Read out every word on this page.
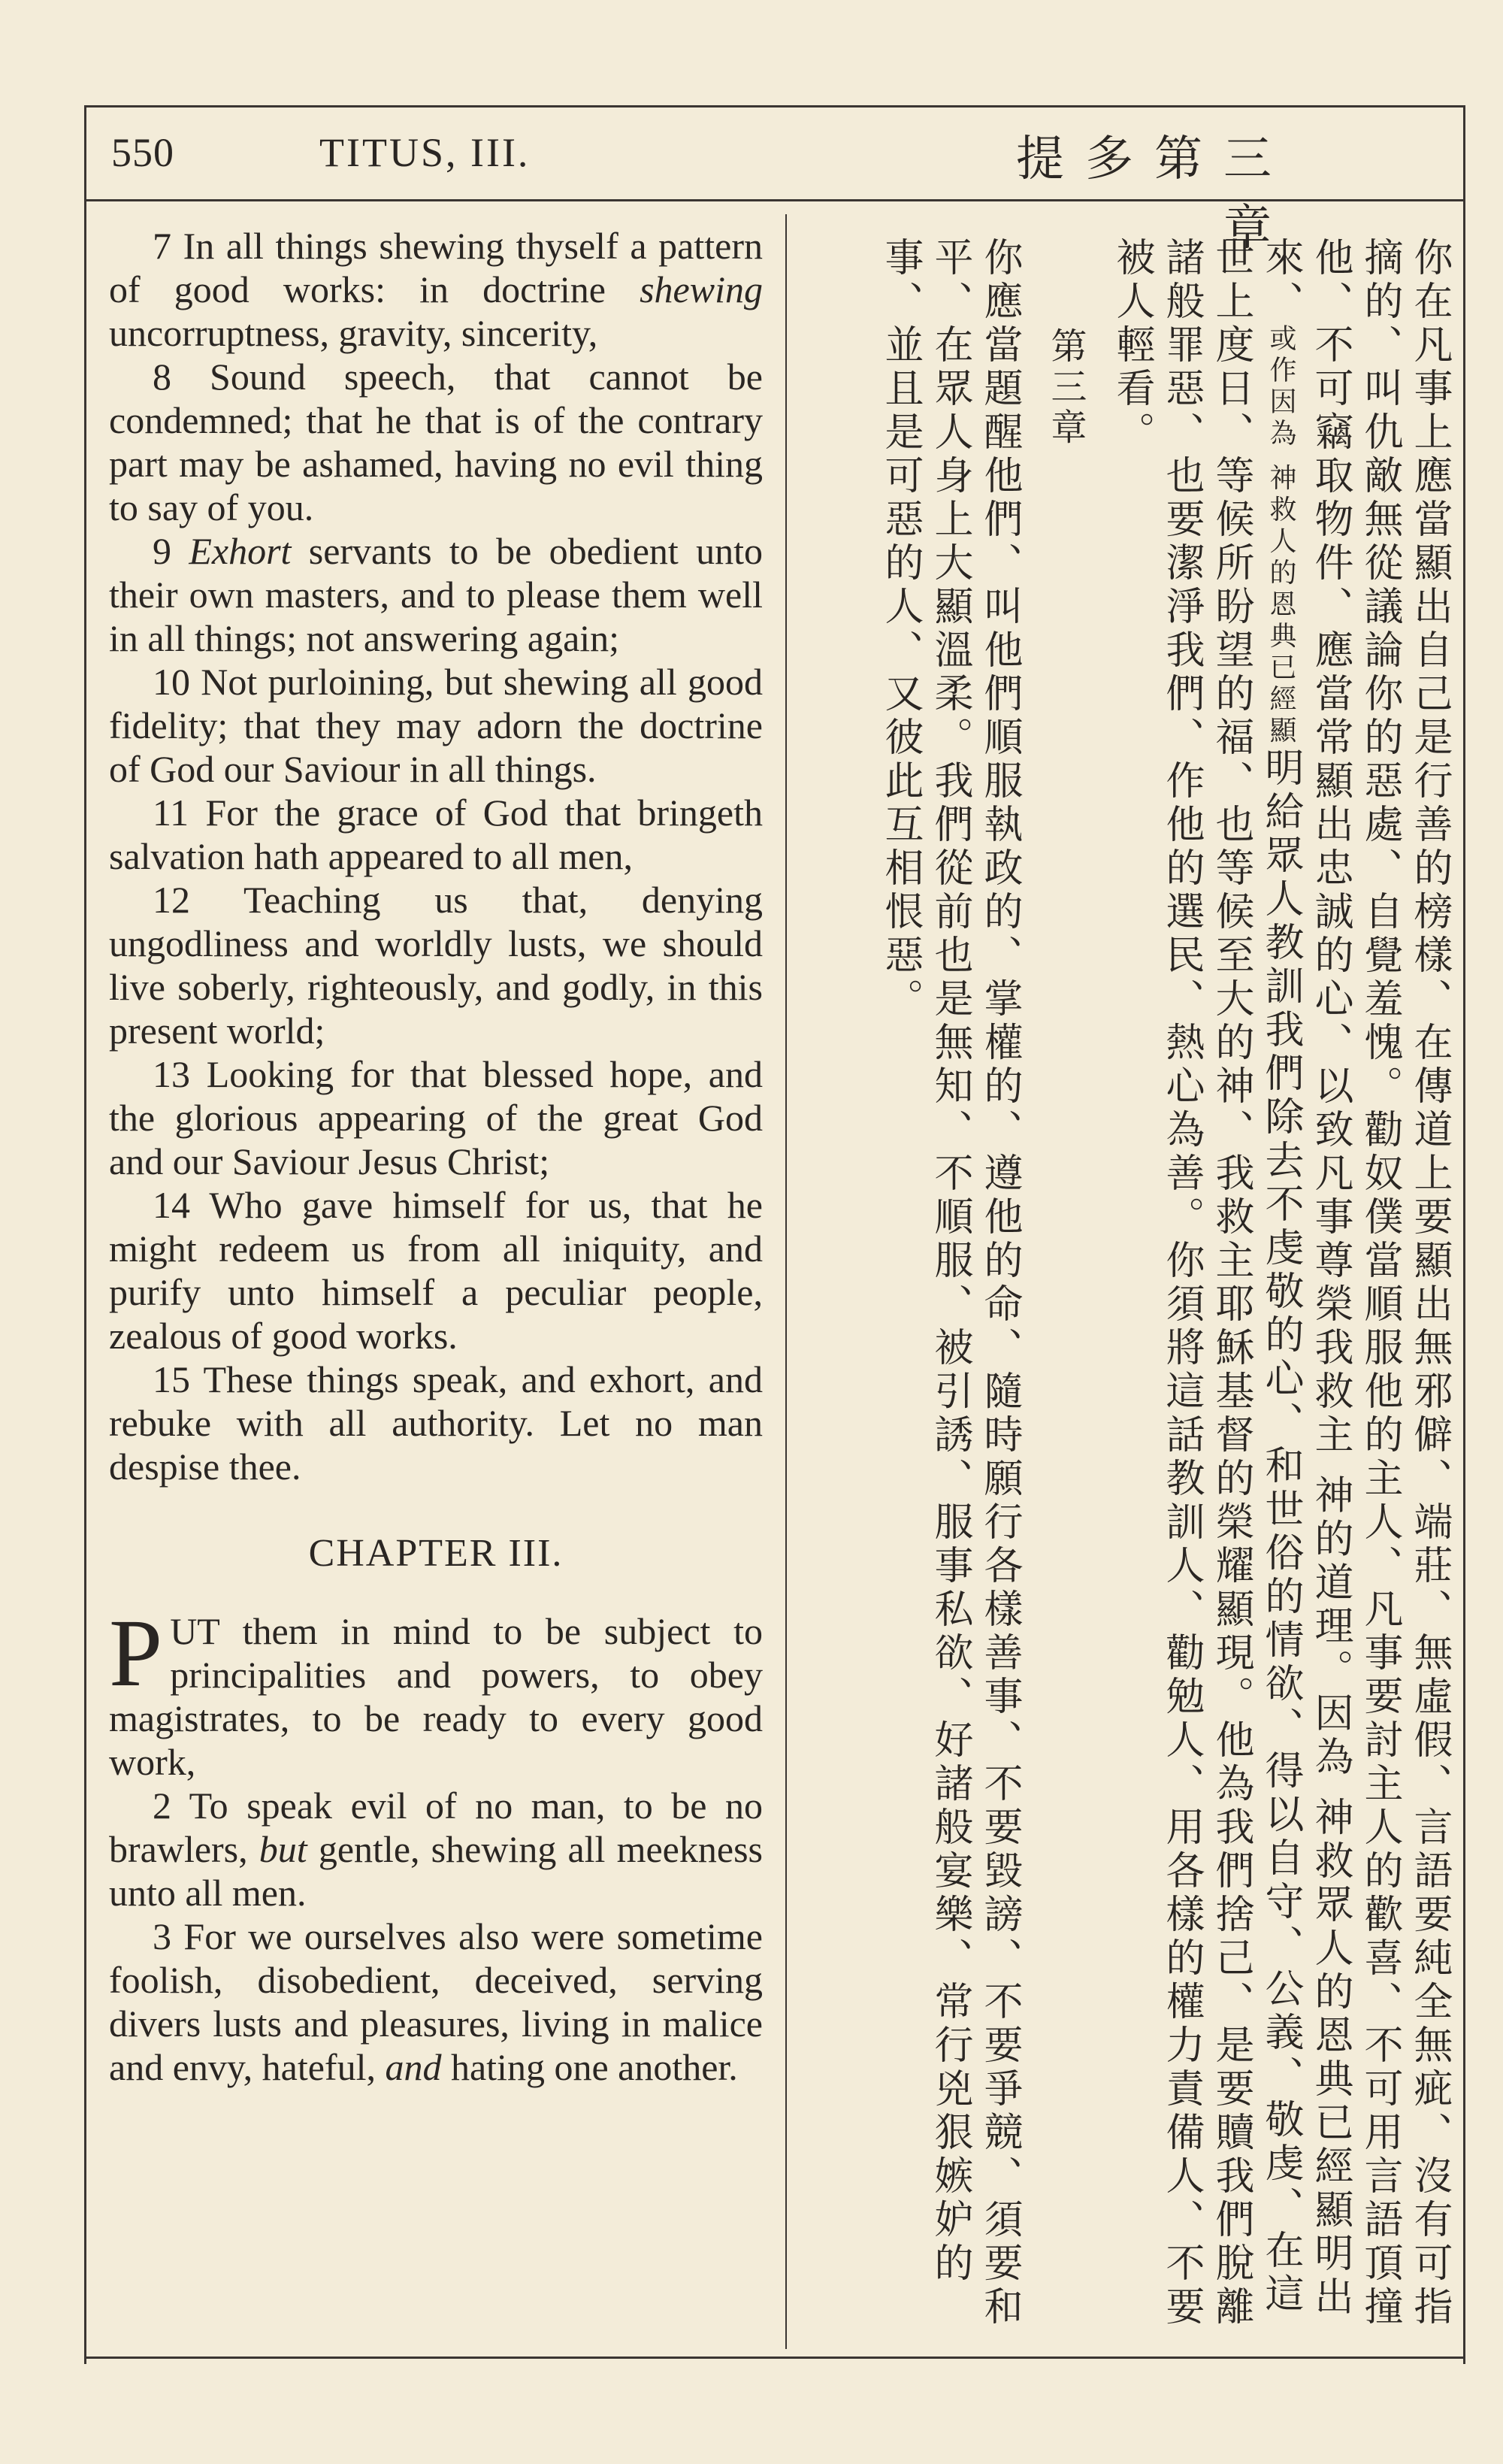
550	TITUS, III.	提多第三章

7 In all things shewing thyself a pattern of good works: in doctrine shewing uncorruptness, gravity, sincerity,

8 Sound speech, that cannot be condemned; that he that is of the contrary part may be ashamed, having no evil thing to say of you.

9 Exhort servants to be obedient unto their own masters, and to please them well in all things; not answering again;

10 Not purloining, but shewing all good fidelity; that they may adorn the doctrine of God our Saviour in all things.

11 For the grace of God that bringeth salvation hath appeared to all men,

12 Teaching us that, denying ungodliness and worldly lusts, we should live soberly, righteously, and godly, in this present world;

13 Looking for that blessed hope, and the glorious appearing of the great God and our Saviour Jesus Christ;

14 Who gave himself for us, that he might redeem us from all iniquity, and purify unto himself a peculiar people, zealous of good works.

15 These things speak, and exhort, and rebuke with all authority. Let no man despise thee.

CHAPTER III.

PUT them in mind to be subject to principalities and powers, to obey magistrates, to be ready to every good work,

2 To speak evil of no man, to be no brawlers, but gentle, shewing all meekness unto all men.

3 For we ourselves also were sometime foolish, disobedient, deceived, serving divers lusts and pleasures, living in malice and envy, hateful, and hating one another.	你在凡事上應當顯出自己是行善的榜樣、在傳道上要顯出無邪僻、端莊、無虛假、言語要純全無疵、沒有可指摘的、叫仇敵無從議論你的惡處、自覺羞愧。勸奴僕當順服他的主人、凡事要討主人的歡喜、不可用言語頂撞他、不可竊取物件、應當常顯出忠誠的心、以致凡事尊榮我救主 神的道理。因為 神救眾人的恩典已經顯明出來、或作因為 神救人的恩典已經顯明給眾人教訓我們除去不虔敬的心、和世俗的情欲、得以自守、公義、敬虔、在這世上度日、等候所盼望的福、也等候至大的神、我救主耶穌基督的榮耀顯現。他為我們捨己、是要贖我們脫離諸般罪惡、也要潔淨我們、作他的選民、熱心為善。你須將這話教訓人、勸勉人、用各樣的權力責備人、不要被人輕看。

第三章

你應當題醒他們、叫他們順服執政的、掌權的、遵他的命、隨時願行各樣善事、不要毀謗、不要爭競、須要和平、在眾人身上大顯溫柔。我們從前也是無知、不順服、被引誘、服事私欲、好諸般宴樂、常行兇狠嫉妒的事、並且是可惡的人、又彼此互相恨惡。
